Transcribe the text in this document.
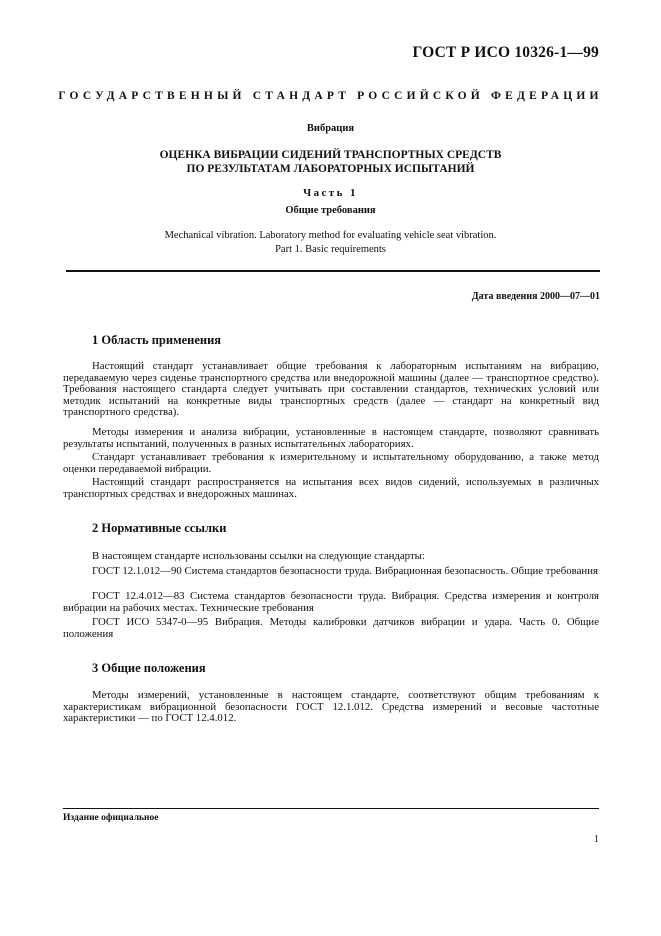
ГОСТ Р ИСО 10326-1—99
ГОСУДАРСТВЕННЫЙ СТАНДАРТ РОССИЙСКОЙ ФЕДЕРАЦИИ
Вибрация
ОЦЕНКА ВИБРАЦИИ СИДЕНИЙ ТРАНСПОРТНЫХ СРЕДСТВ
ПО РЕЗУЛЬТАТАМ ЛАБОРАТОРНЫХ ИСПЫТАНИЙ
Часть 1
Общие требования
Mechanical vibration. Laboratory method for evaluating vehicle seat vibration.
Part 1. Basic requirements
Дата введения 2000—07—01
1 Область применения

Настоящий стандарт устанавливает общие требования к лабораторным испытаниям на вибрацию, передаваемую через сиденье транспортного средства или внедорожной машины (далее — транспортное средство). Требования настоящего стандарта следует учитывать при составлении стандартов, технических условий или методик испытаний на конкретные виды транспортных средств (далее — стандарт на конкретный вид транспортного средства).

Методы измерения и анализа вибрации, установленные в настоящем стандарте, позволяют сравнивать результаты испытаний, полученных в разных испытательных лабораториях.

Стандарт устанавливает требования к измерительному и испытательному оборудованию, а также метод оценки передаваемой вибрации.

Настоящий стандарт распространяется на испытания всех видов сидений, используемых в различных транспортных средствах и внедорожных машинах.

2 Нормативные ссылки

В настоящем стандарте использованы ссылки на следующие стандарты:

ГОСТ 12.1.012—90 Система стандартов безопасности труда. Вибрационная безопасность. Общие требования

ГОСТ 12.4.012—83 Система стандартов безопасности труда. Вибрация. Средства измерения и контроля вибрации на рабочих местах. Технические требования

ГОСТ ИСО 5347-0—95 Вибрация. Методы калибровки датчиков вибрации и удара. Часть 0. Общие положения

3 Общие положения

Методы измерений, установленные в настоящем стандарте, соответствуют общим требованиям к характеристикам вибрационной безопасности ГОСТ 12.1.012. Средства измерений и весовые частотные характеристики — по ГОСТ 12.4.012.

Издание официальное
1
